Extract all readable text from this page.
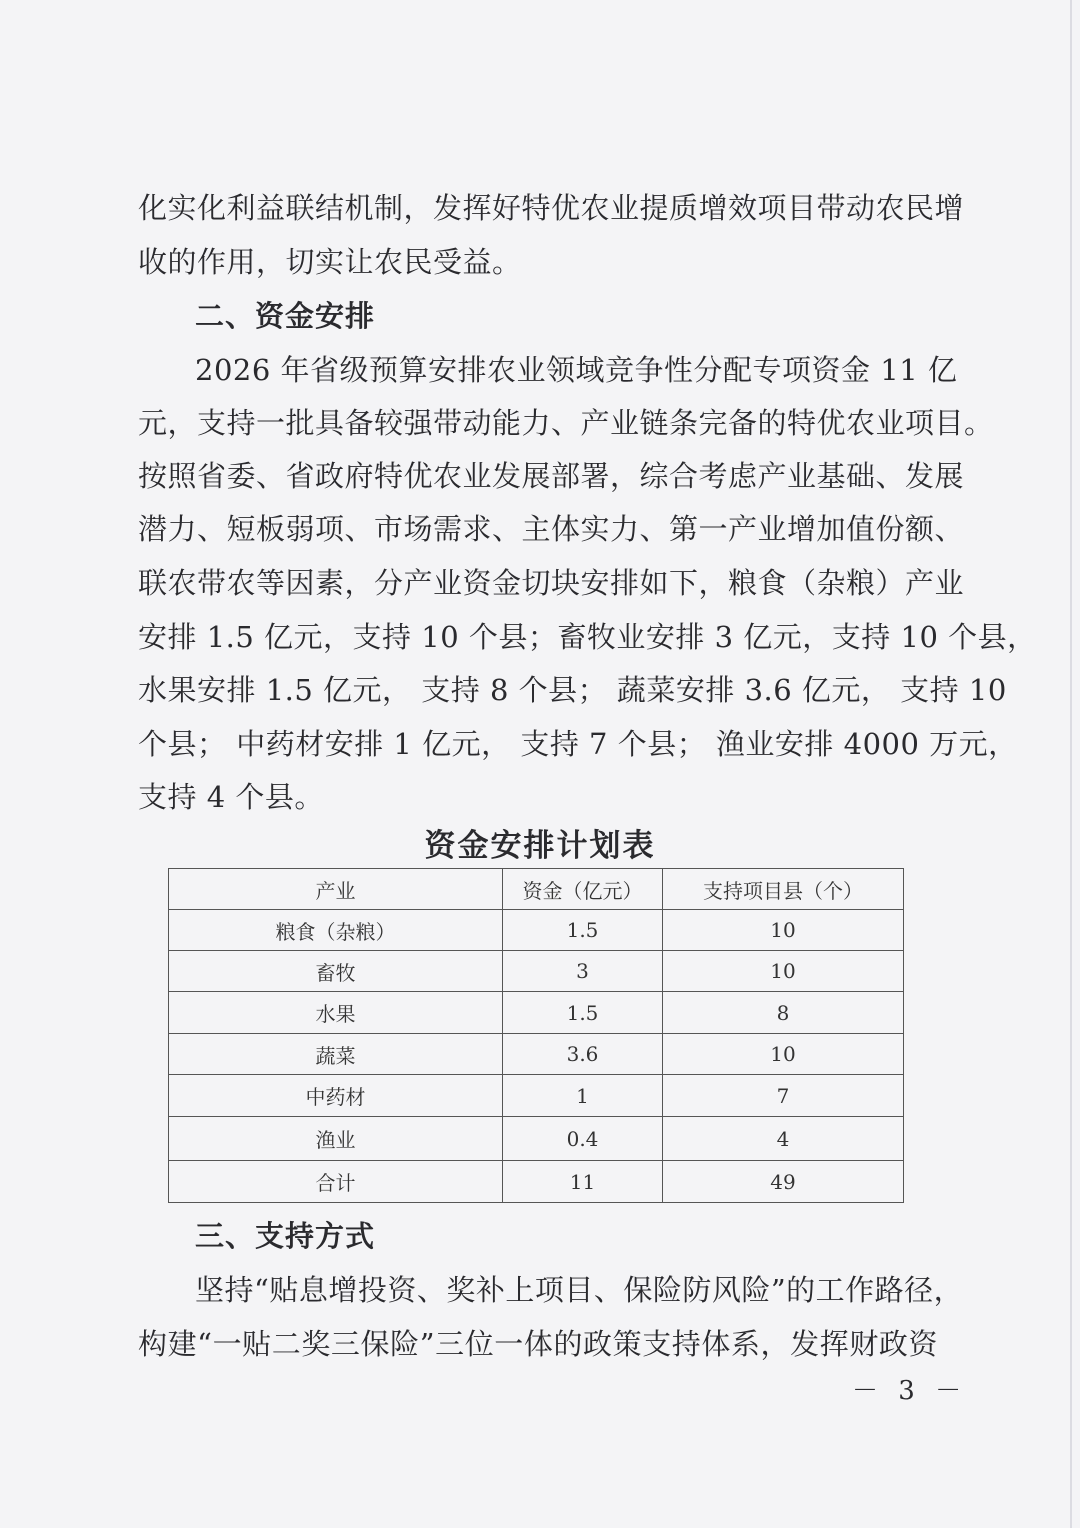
化实化利益联结机制，发挥好特优农业提质增效项目带动农民增
收的作用，切实让农民受益。
二、资金安排
2026 年省级预算安排农业领域竞争性分配专项资金 11 亿
元，支持一批具备较强带动能力、产业链条完备的特优农业项目。
按照省委、省政府特优农业发展部署，综合考虑产业基础、发展
潜力、短板弱项、市场需求、主体实力、第一产业增加值份额、
联农带农等因素，分产业资金切块安排如下，粮食（杂粮）产业
安排 1.5 亿元，支持 10 个县；畜牧业安排 3 亿元，支持 10 个县，
水果安排 1.5 亿元， 支持 8 个县； 蔬菜安排 3.6 亿元， 支持 10
个县； 中药材安排 1 亿元， 支持 7 个县； 渔业安排 4000 万元，
支持 4 个县。
资金安排计划表
产业	资金（亿元）	支持项目县（个）
粮食（杂粮）	1.5	10
畜牧	3	10
水果	1.5	8
蔬菜	3.6	10
中药材	1	7
渔业	0.4	4
合计	11	49
三、支持方式
坚持“贴息增投资、奖补上项目、保险防风险”的工作路径，
构建“一贴二奖三保险”三位一体的政策支持体系，发挥财政资
－ 3 －
